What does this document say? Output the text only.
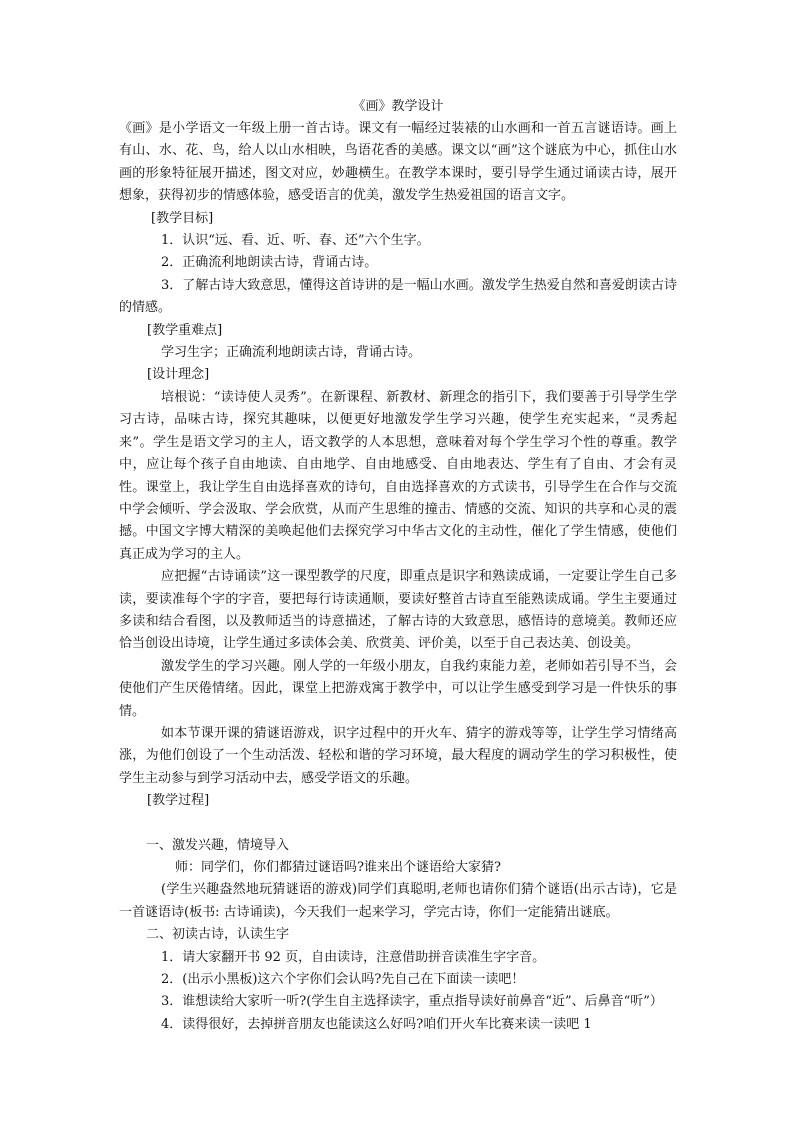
《画》教学设计

《画》是小学语文一年级上册一首古诗。课文有一幅经过装裱的山水画和一首五言谜语诗。画上有山、水、花、鸟，给人以山水相映，鸟语花香的美感。课文以“画”这个谜底为中心，抓住山水画的形象特征展开描述，图文对应，妙趣横生。在教学本课时，要引导学生通过诵读古诗，展开想象，获得初步的情感体验，感受语言的优美，激发学生热爱祖国的语言文字。

[教学目标]

1．认识“远、看、近、听、春、还”六个生字。

2．正确流利地朗读古诗，背诵古诗。

3．了解古诗大致意思，懂得这首诗讲的是一幅山水画。激发学生热爱自然和喜爱朗读古诗的情感。

[教学重难点]

学习生字；正确流利地朗读古诗，背诵古诗。

[设计理念]

培根说：“读诗使人灵秀”。在新课程、新教材、新理念的指引下，我们要善于引导学生学习古诗，品味古诗，探究其趣味，以便更好地激发学生学习兴趣，使学生充实起来，“灵秀起来”。学生是语文学习的主人，语文教学的人本思想，意味着对每个学生学习个性的尊重。教学中，应让每个孩子自由地读、自由地学、自由地感受、自由地表达、学生有了自由、才会有灵性。课堂上，我让学生自由选择喜欢的诗句，自由选择喜欢的方式读书，引导学生在合作与交流中学会倾听、学会汲取、学会欣赏，从而产生思维的撞击、情感的交流、知识的共享和心灵的震撼。中国文字博大精深的美唤起他们去探究学习中华古文化的主动性，催化了学生情感，使他们真正成为学习的主人。

应把握“古诗诵读”这一课型教学的尺度，即重点是识字和熟读成诵，一定要让学生自己多读，要读准每个字的字音，要把每行诗读通顺，要读好整首古诗直至能熟读成诵。学生主要通过多读和结合看图，以及教师适当的诗意描述，了解古诗的大致意思，感悟诗的意境美。教师还应恰当创设出诗境，让学生通过多读体会美、欣赏美、评价美，以至于自己表达美、创设美。

激发学生的学习兴趣。刚人学的一年级小朋友，自我约束能力差，老师如若引导不当，会使他们产生厌倦情绪。因此，课堂上把游戏寓于教学中，可以让学生感受到学习是一件快乐的事情。

如本节课开课的猜谜语游戏，识字过程中的开火车、猜字的游戏等等，让学生学习情绪高涨，为他们创设了一个生动活泼、轻松和谐的学习环境，最大程度的调动学生的学习积极性，使学生主动参与到学习活动中去，感受学语文的乐趣。

[教学过程]

一、激发兴趣，情境导入

师：同学们，你们都猜过谜语吗?谁来出个谜语给大家猜?

(学生兴趣盎然地玩猜谜语的游戏)同学们真聪明,老师也请你们猜个谜语(出示古诗)，它是一首谜语诗(板书: 古诗诵读)，今天我们一起来学习，学完古诗，你们一定能猜出谜底。

二、初读古诗，认读生字

1．请大家翻开书 92 页，自由读诗，注意借助拼音读准生字字音。

2．(出示小黑板)这六个字你们会认吗?先自己在下面读一读吧！

3．谁想读给大家听一听?(学生自主选择读字，重点指导读好前鼻音“近”、后鼻音“听”）

4．读得很好，去掉拼音朋友也能读这么好吗?咱们开火车比赛来读一读吧 1
